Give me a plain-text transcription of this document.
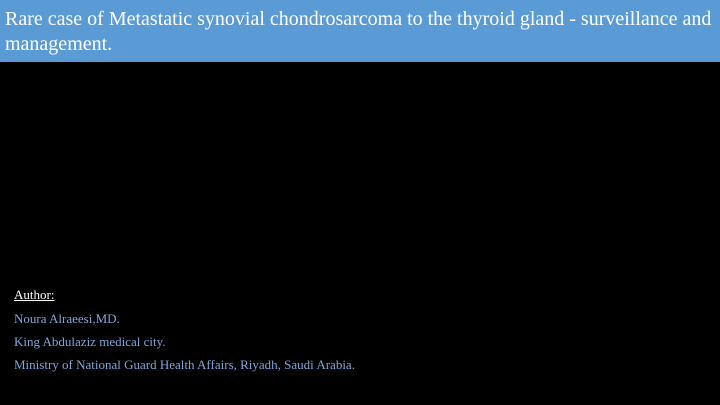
Rare case of Metastatic synovial chondrosarcoma to the thyroid gland - surveillance and management.
Author:
Noura Alraeesi,MD.
King Abdulaziz medical city.
Ministry of National Guard Health Affairs, Riyadh, Saudi Arabia.
